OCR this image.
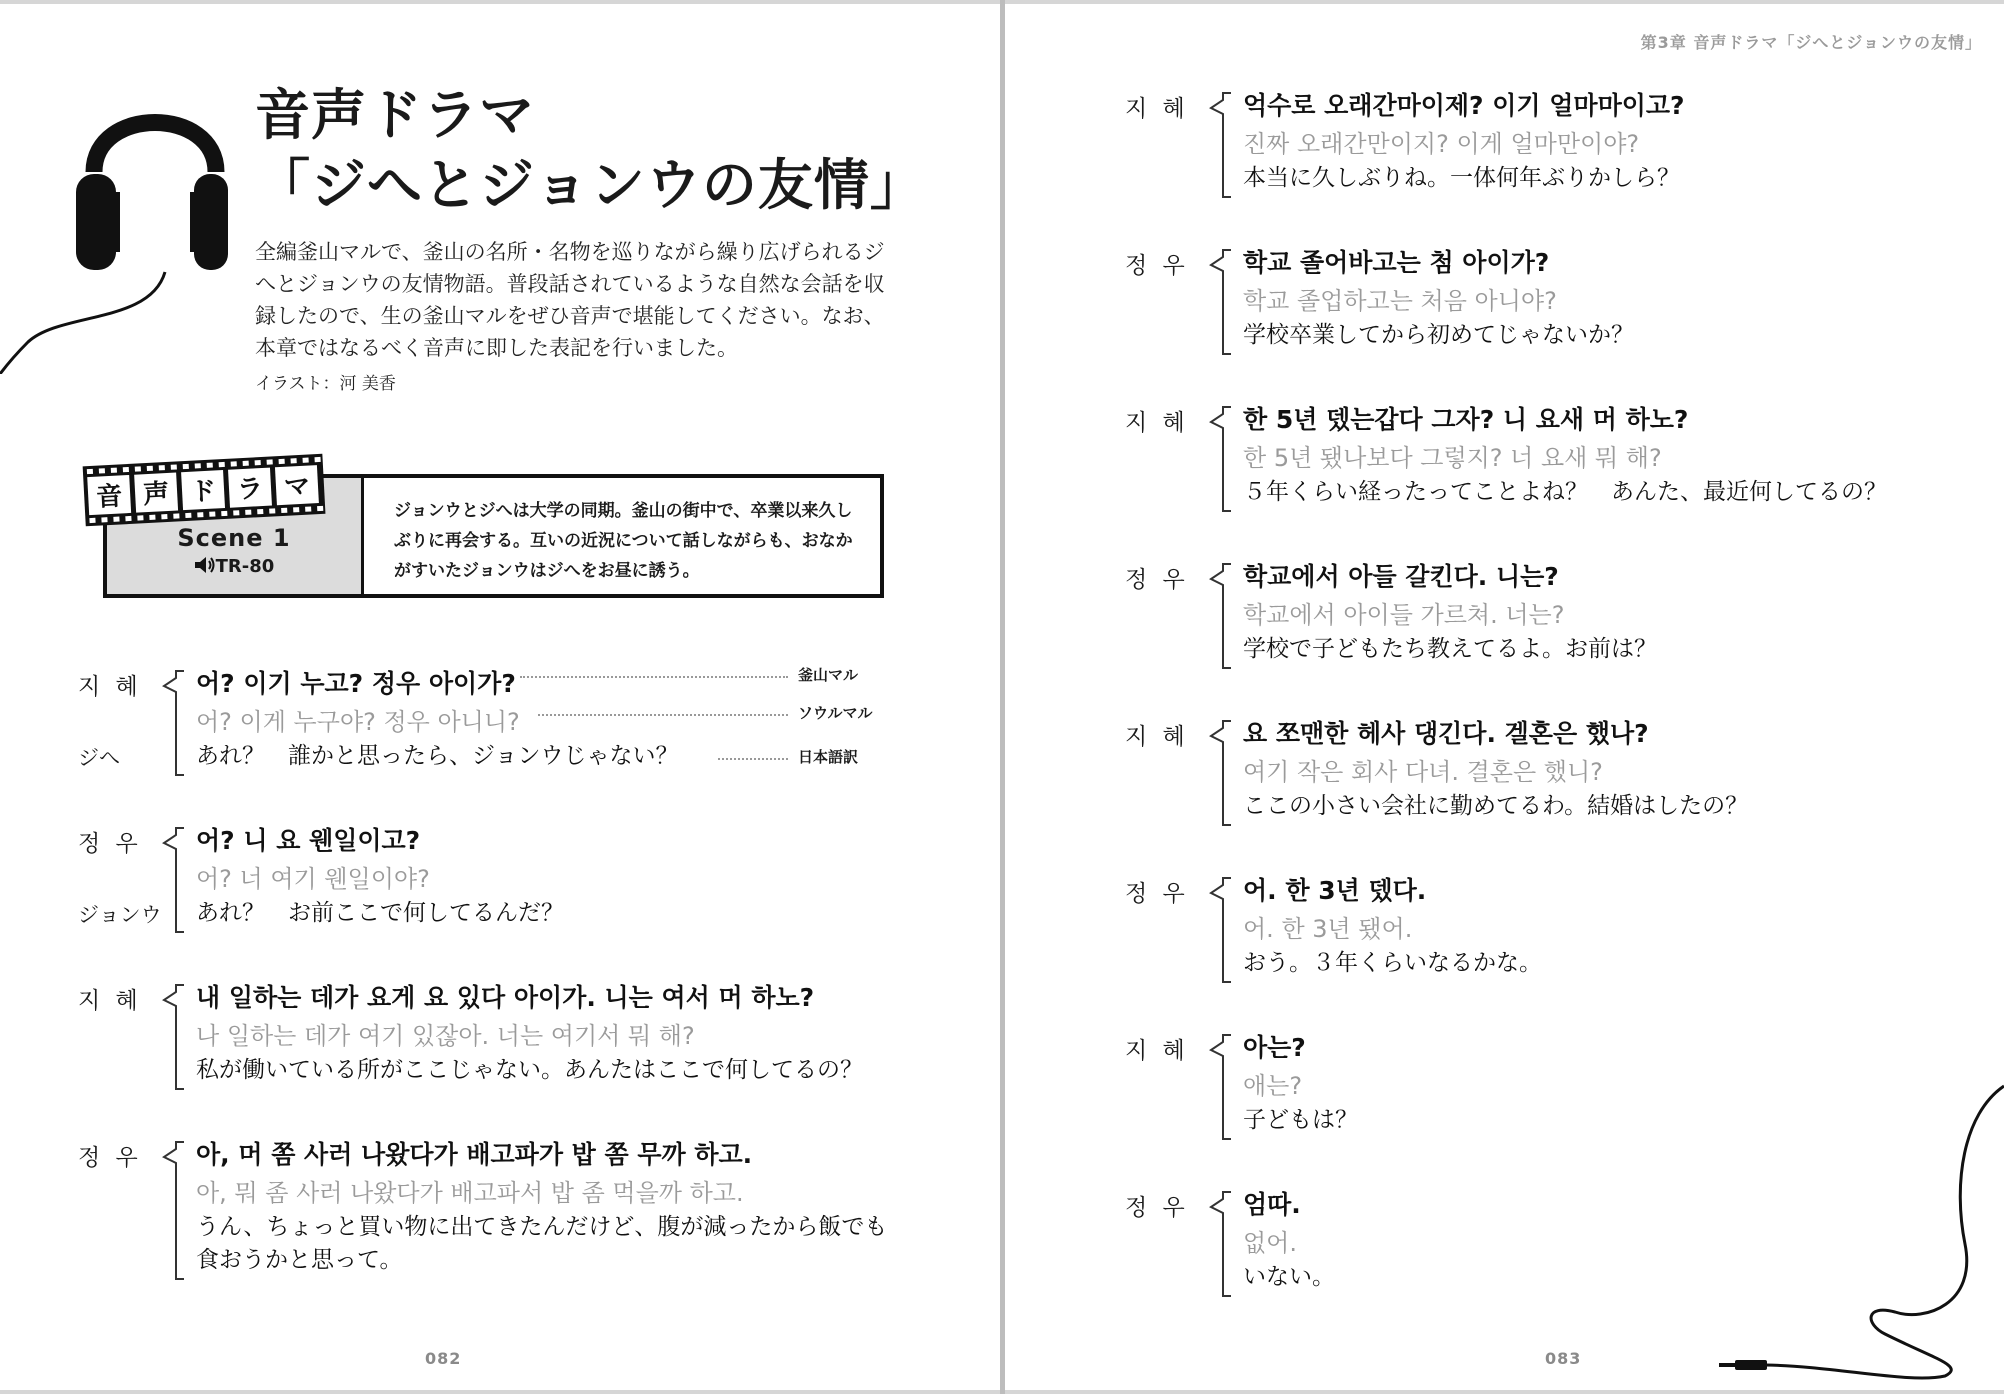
音声ドラマ
「ジへとジョンウの友情」

全編釜山マルで、釜山の名所・名物を巡りながら繰り広げられるジへとジョンウの友情物語。普段話されているような自然な会話を収録したので、生の釜山マルをぜひ音声で堪能してください。なお、本章ではなるべく音声に即した表記を行いました。

イラスト：河 美香
Scene 1
TR-80

ジョンウとジへは大学の同期。釜山の街中で、卒業以来久しぶりに再会する。互いの近況について話しながらも、おなかがすいたジョンウはジへをお昼に誘う。

音 声 ド ラ マ
지 혜 어? 이기 누고? 정우 아이가?
어? 이게 누구야? 정우 아니니?
あれ？　誰かと思ったら、ジョンウじゃない？
ジへ
정 우 어? 니 요 웬일이고?
어? 너 여기 웬일이야?
あれ？　お前ここで何してるんだ？
ジョンウ
지 혜 내 일하는 데가 요게 요 있다 아이가. 니는 여서 머 하노?
나 일하는 데가 여기 있잖아. 너는 여기서 뭐 해?
私が働いている所がここじゃない。あんたはここで何してるの？
정 우 아, 머 쫌 사러 나왔다가 배고파가 밥 쫌 무까 하고.
아, 뭐 좀 사러 나왔다가 배고파서 밥 좀 먹을까 하고.
うん、ちょっと買い物に出てきたんだけど、腹が減ったから飯でも食おうかと思って。
釜山マル
ソウルマル
日本語訳
082
第3章 音声ドラマ「ジへとジョンウの友情」
지 혜 억수로 오래간마이제? 이기 얼마마이고?
진짜 오래간만이지? 이게 얼마만이야?
本当に久しぶりね。一体何年ぶりかしら？
정 우 학교 졸어바고는 첨 아이가?
학교 졸업하고는 처음 아니야?
学校卒業してから初めてじゃないか？
지 혜 한 5년 뎄는갑다 그자? 니 요새 머 하노?
한 5년 됐나보다 그렇지? 너 요새 뭐 해?
５年くらい経ったってことよね？　あんた、最近何してるの？
정 우 학교에서 아들 갈킨다. 니는?
학교에서 아이들 가르쳐. 너는?
学校で子どもたち教えてるよ。お前は？
지 혜 요 쪼맨한 헤사 댕긴다. 겔혼은 했나?
여기 작은 회사 다녀. 결혼은 했니?
ここの小さい会社に勤めてるわ。結婚はしたの？
정 우 어. 한 3년 뎄다.
어. 한 3년 됐어.
おう。３年くらいなるかな。
지 혜 아는?
애는?
子どもは？
정 우 엄따.
없어.
いない。
083
